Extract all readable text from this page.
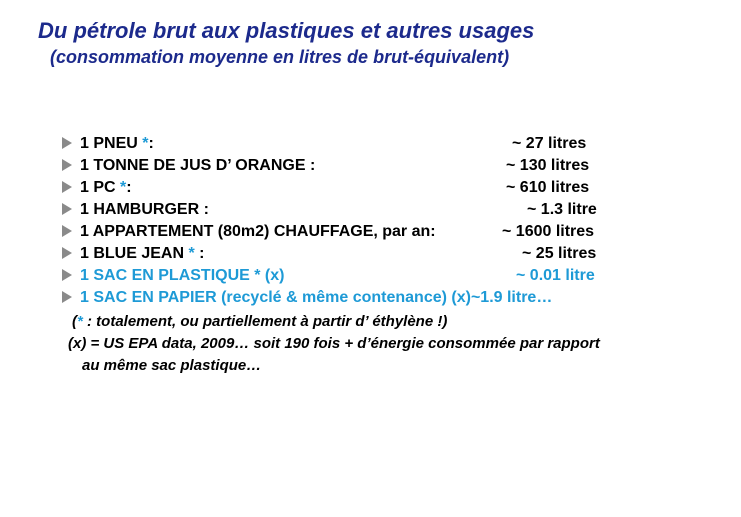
Du pétrole brut aux plastiques et autres usages
(consommation moyenne en litres de brut-équivalent)
1 PNEU *:	~ 27 litres
1 TONNE DE JUS D’ ORANGE :	~ 130 litres
1 PC *:	~ 610 litres
1 HAMBURGER :	~ 1.3 litre
1 APPARTEMENT (80m2) CHAUFFAGE, par an:	~ 1600 litres
1 BLUE JEAN * :	~ 25 litres
1 SAC EN PLASTIQUE * (x)	~ 0.01 litre
1 SAC EN PAPIER (recyclé & même contenance) (x)~1.9 litre…
(* : totalement, ou partiellement à partir d’ éthylène !)
(x) = US EPA data, 2009… soit 190 fois + d’énergie consommée par rapport
au même sac plastique…
